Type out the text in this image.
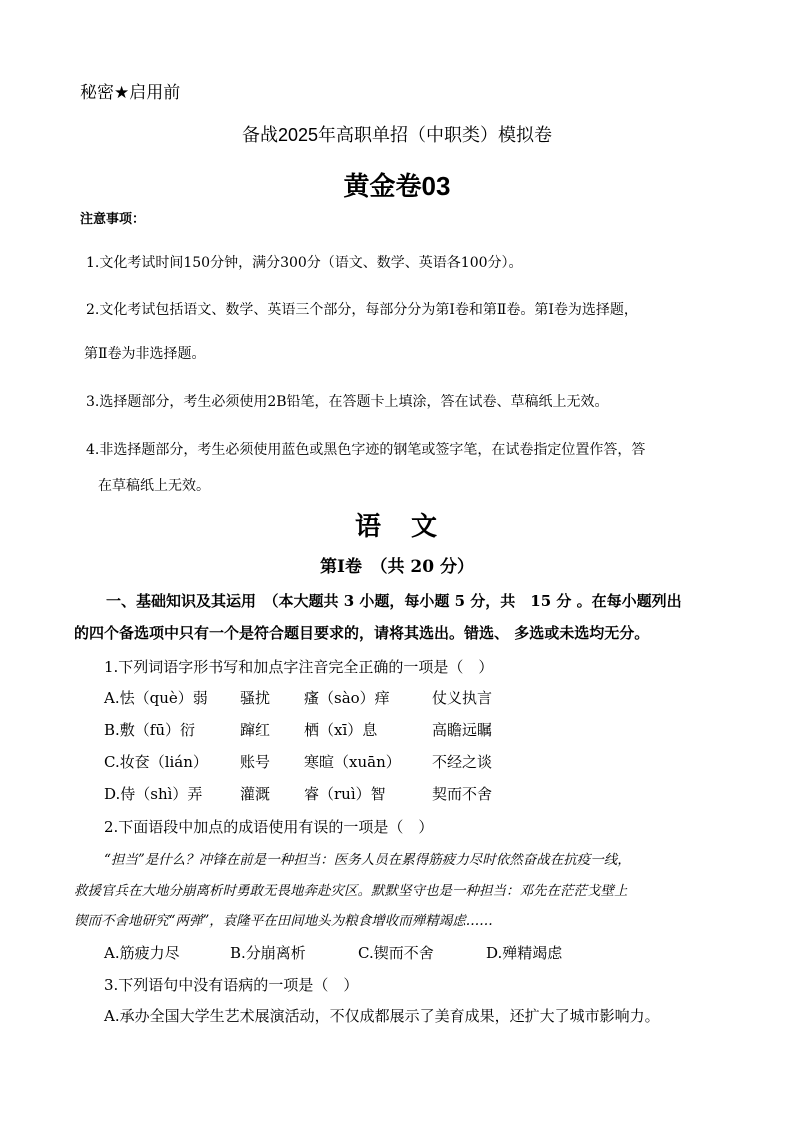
秘密★启用前
备战2025年高职单招（中职类）模拟卷
黄金卷03
注意事项：
1.文化考试时间150分钟，满分300分（语文、数学、英语各100分）。
2.文化考试包括语文、数学、英语三个部分，每部分分为第Ⅰ卷和第Ⅱ卷。第Ⅰ卷为选择题，
第Ⅱ卷为非选择题。
3.选择题部分，考生必须使用2B铅笔，在答题卡上填涂，答在试卷、草稿纸上无效。
4.非选择题部分，考生必须使用蓝色或黑色字迹的钢笔或签字笔，在试卷指定位置作答，答
在草稿纸上无效。
语　文
第Ⅰ卷　（共 20 分）
一、基础知识及其运用　（本大题共 3 小题，每小题 5 分，共　15 分 。在每小题列出
的四个备选项中只有一个是符合题目要求的，请将其选出。错选、 多选或未选均无分。
1.下列词语字形书写和加点字注音完全正确的一项是（　）
A.怯（què）弱 骚扰 瘙（sào）痒	仗义执言
B.敷（fū）衍	蹿红 栖（xī）息	高瞻远瞩
C.妆奁（lián） 账号 寒暄（xuān） 不经之谈
D.侍（shì）弄	灌溉 睿（ruì）智	契而不舍
2.下面语段中加点的成语使用有误的一项是（　）
“担当”是什么？冲锋在前是一种担当：医务人员在累得筋疲力尽时依然奋战在抗疫一线，
救援官兵在大地分崩离析时勇敢无畏地奔赴灾区。默默坚守也是一种担当：邓先在茫茫戈壁上
锲而不舍地研究“两弹”，袁隆平在田间地头为粮食增收而殚精竭虑……
A.筋疲力尽	B.分崩离析	C.锲而不舍	D.殚精竭虑
3.下列语句中没有语病的一项是（　）
A.承办全国大学生艺术展演活动，不仅成都展示了美育成果，还扩大了城市影响力。
